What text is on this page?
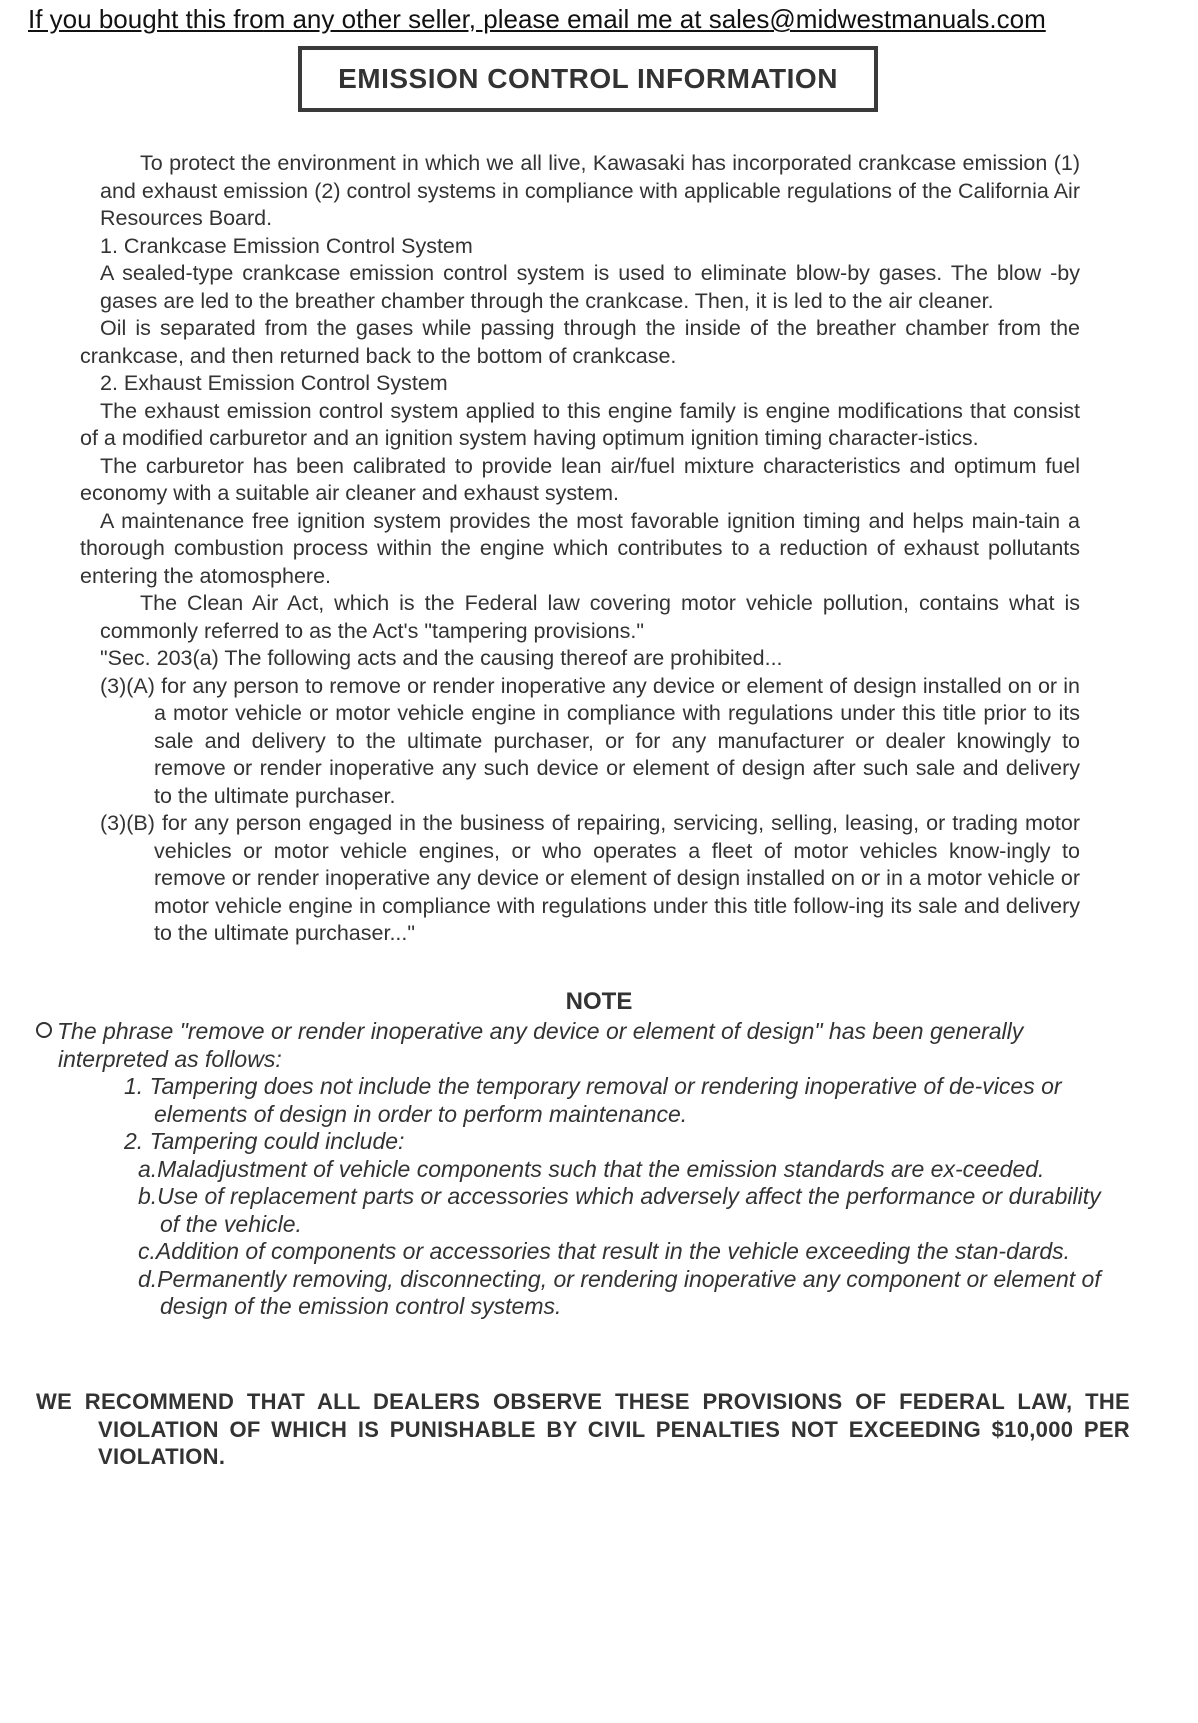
If you bought this from any other seller, please email me at sales@midwestmanuals.com
EMISSION CONTROL INFORMATION

To protect the environment in which we all live, Kawasaki has incorporated crankcase emission (1) and exhaust emission (2) control systems in compliance with applicable regulations of the California Air Resources Board.

1. Crankcase Emission Control System

A sealed-type crankcase emission control system is used to eliminate blow-by gases. The blow -by gases are led to the breather chamber through the crankcase. Then, it is led to the air cleaner.

Oil is separated from the gases while passing through the inside of the breather chamber from the crankcase, and then returned back to the bottom of crankcase.

2. Exhaust Emission Control System

The exhaust emission control system applied to this engine family is engine modifications that consist of a modified carburetor and an ignition system having optimum ignition timing character-istics.

The carburetor has been calibrated to provide lean air/fuel mixture characteristics and optimum fuel economy with a suitable air cleaner and exhaust system.

A maintenance free ignition system provides the most favorable ignition timing and helps main-tain a thorough combustion process within the engine which contributes to a reduction of exhaust pollutants entering the atomosphere.

The Clean Air Act, which is the Federal law covering motor vehicle pollution, contains what is commonly referred to as the Act's "tampering provisions."

"Sec. 203(a) The following acts and the causing thereof are prohibited...

(3)(A) for any person to remove or render inoperative any device or element of design installed on or in a motor vehicle or motor vehicle engine in compliance with regulations under this title prior to its sale and delivery to the ultimate purchaser, or for any manufacturer or dealer knowingly to remove or render inoperative any such device or element of design after such sale and delivery to the ultimate purchaser.

(3)(B) for any person engaged in the business of repairing, servicing, selling, leasing, or trading motor vehicles or motor vehicle engines, or who operates a fleet of motor vehicles know-ingly to remove or render inoperative any device or element of design installed on or in a motor vehicle or motor vehicle engine in compliance with regulations under this title follow-ing its sale and delivery to the ultimate purchaser..."

NOTE

The phrase "remove or render inoperative any device or element of design" has been generally interpreted as follows:

1. Tampering does not include the temporary removal or rendering inoperative of de-vices or elements of design in order to perform maintenance.

2. Tampering could include:

a.Maladjustment of vehicle components such that the emission standards are ex-ceeded.

b.Use of replacement parts or accessories which adversely affect the performance or durability of the vehicle.

c.Addition of components or accessories that result in the vehicle exceeding the stan-dards.

d.Permanently removing, disconnecting, or rendering inoperative any component or element of design of the emission control systems.

WE RECOMMEND THAT ALL DEALERS OBSERVE THESE PROVISIONS OF FEDERAL LAW, THE VIOLATION OF WHICH IS PUNISHABLE BY CIVIL PENALTIES NOT EXCEEDING $10,000 PER VIOLATION.
